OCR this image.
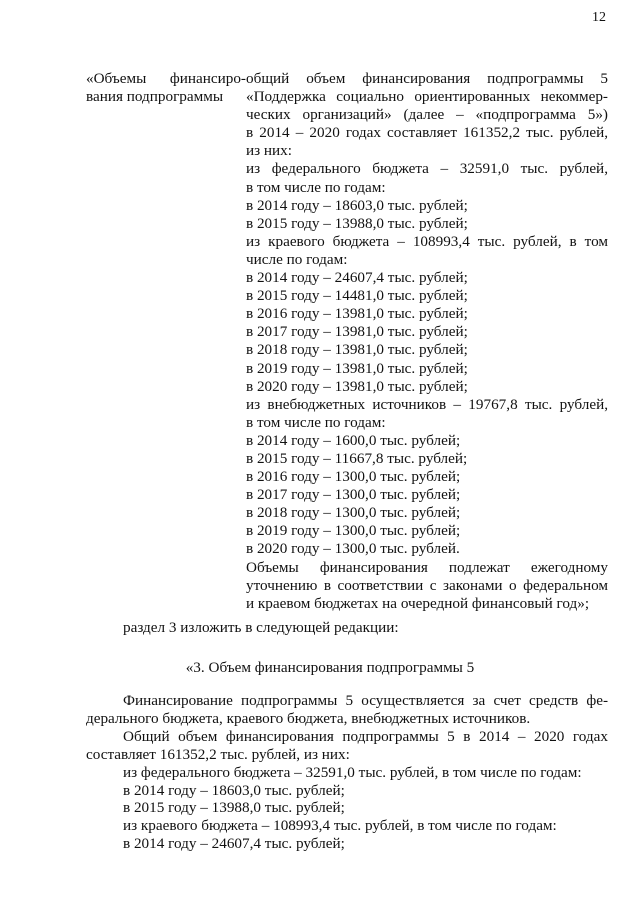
12
«Объемы финансиро-
вания подпрограммы
общий объем финансирования подпрограммы 5
«Поддержка социально ориентированных некоммер-
ческих организаций» (далее – «подпрограмма 5»)
в 2014 – 2020 годах составляет 161352,2 тыс. рублей,
из них:
из федерального бюджета – 32591,0 тыс. рублей,
в том числе по годам:
в 2014 году – 18603,0 тыс. рублей;
в 2015 году – 13988,0 тыс. рублей;
из краевого бюджета – 108993,4 тыс. рублей, в том
числе по годам:
в 2014 году – 24607,4 тыс. рублей;
в 2015 году – 14481,0 тыс. рублей;
в 2016 году – 13981,0 тыс. рублей;
в 2017 году – 13981,0 тыс. рублей;
в 2018 году – 13981,0 тыс. рублей;
в 2019 году – 13981,0 тыс. рублей;
в 2020 году – 13981,0 тыс. рублей;
из внебюджетных источников – 19767,8 тыс. рублей,
в том числе по годам:
в 2014 году – 1600,0 тыс. рублей;
в 2015 году – 11667,8 тыс. рублей;
в 2016 году – 1300,0 тыс. рублей;
в 2017 году – 1300,0 тыс. рублей;
в 2018 году – 1300,0 тыс. рублей;
в 2019 году – 1300,0 тыс. рублей;
в 2020 году – 1300,0 тыс. рублей.
Объемы финансирования подлежат ежегодному
уточнению в соответствии с законами о федеральном
и краевом бюджетах на очередной финансовый год»;
раздел 3 изложить в следующей редакции:
«3. Объем финансирования подпрограммы 5
Финансирование подпрограммы 5 осуществляется за счет средств фе-
дерального бюджета, краевого бюджета, внебюджетных источников.
Общий объем финансирования подпрограммы 5 в 2014 – 2020 годах
составляет 161352,2 тыс. рублей, из них:
из федерального бюджета – 32591,0 тыс. рублей, в том числе по годам:
в 2014 году – 18603,0 тыс. рублей;
в 2015 году – 13988,0 тыс. рублей;
из краевого бюджета – 108993,4 тыс. рублей, в том числе по годам:
в 2014 году – 24607,4 тыс. рублей;
